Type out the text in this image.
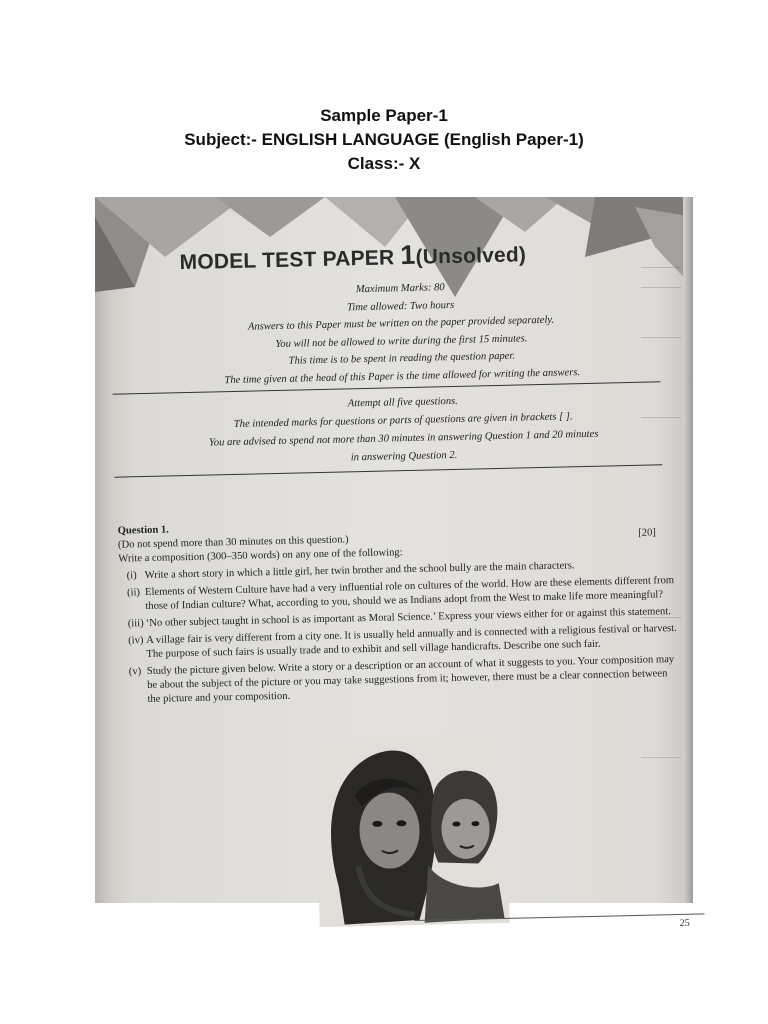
Sample Paper-1
Subject:- ENGLISH LANGUAGE (English Paper-1)
Class:- X
MODEL TEST PAPER 1(Unsolved)
Maximum Marks: 80
Time allowed: Two hours
Answers to this Paper must be written on the paper provided separately.
You will not be allowed to write during the first 15 minutes.
This time is to be spent in reading the question paper.
The time given at the head of this Paper is the time allowed for writing the answers.
Attempt all five questions.
The intended marks for questions or parts of questions are given in brackets [ ].
You are advised to spend not more than 30 minutes in answering Question 1 and 20 minutes
in answering Question 2.
Question 1.
(Do not spend more than 30 minutes on this question.)
[20]
Write a composition (300–350 words) on any one of the following:
(i) Write a short story in which a little girl, her twin brother and the school bully are the main characters.
(ii) Elements of Western Culture have had a very influential role on cultures of the world. How are these elements different from those of Indian culture? What, according to you, should we as Indians adopt from the West to make life more meaningful?
(iii) ‘No other subject taught in school is as important as Moral Science.’ Express your views either for or against this statement.
(iv) A village fair is very different from a city one. It is usually held annually and is connected with a religious festival or harvest. The purpose of such fairs is usually trade and to exhibit and sell village handicrafts. Describe one such fair.
(v) Study the picture given below. Write a story or a description or an account of what it suggests to you. Your composition may be about the subject of the picture or you may take suggestions from it; however, there must be a clear connection between the picture and your composition.
25
